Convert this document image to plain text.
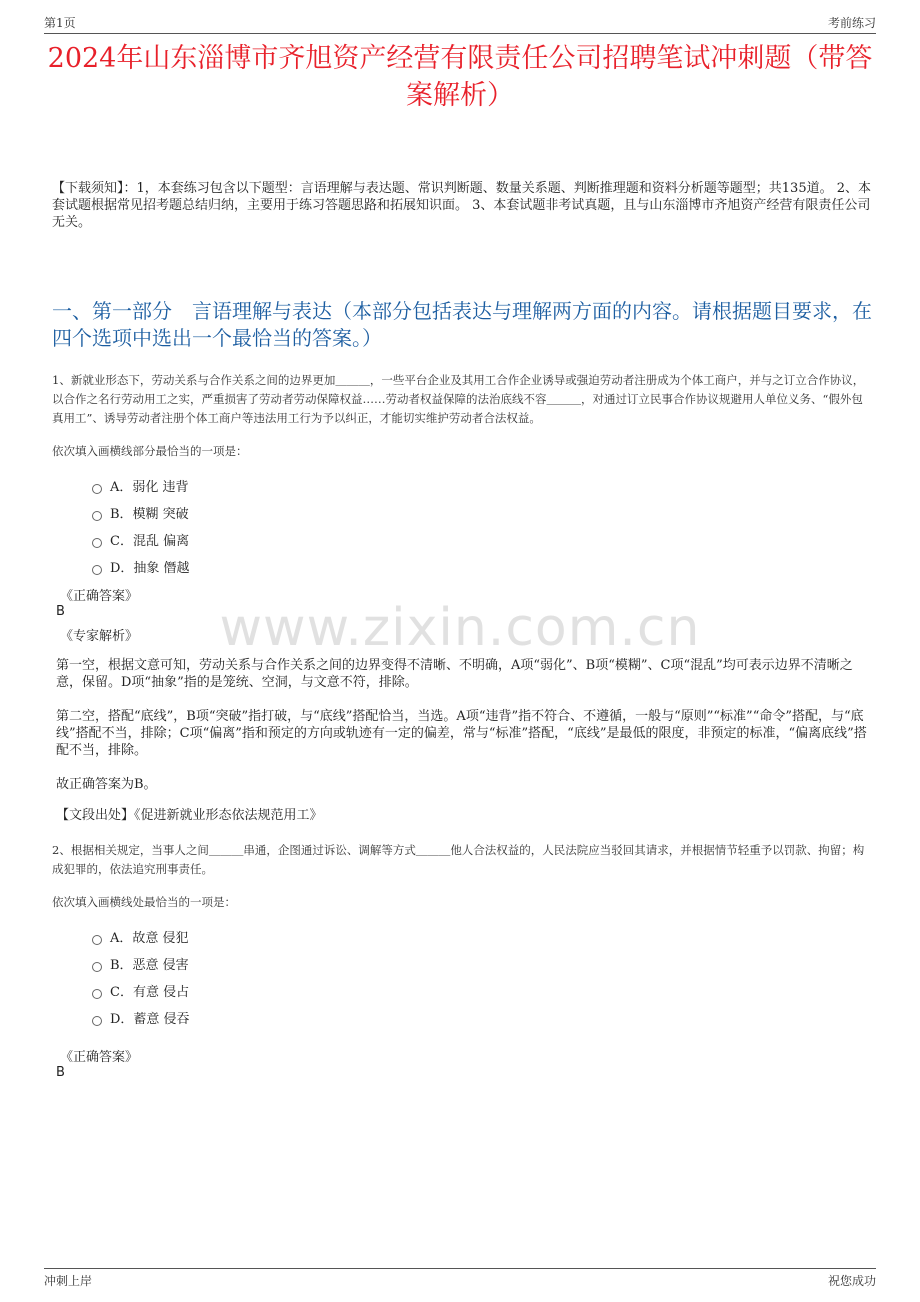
第1页	考前练习
2024年山东淄博市齐旭资产经营有限责任公司招聘笔试冲刺题（带答案解析）
【下载须知】：1，本套练习包含以下题型：言语理解与表达题、常识判断题、数量关系题、判断推理题和资料分析题等题型；共135道。 2、本套试题根据常见招考题总结归纳，主要用于练习答题思路和拓展知识面。 3、本套试题非考试真题，且与山东淄博市齐旭资产经营有限责任公司无关。
一、第一部分　言语理解与表达（本部分包括表达与理解两方面的内容。请根据题目要求，在四个选项中选出一个最恰当的答案。）
1、新就业形态下，劳动关系与合作关系之间的边界更加＿＿＿，一些平台企业及其用工合作企业诱导或强迫劳动者注册成为个体工商户，并与之订立合作协议，以合作之名行劳动用工之实，严重损害了劳动者劳动保障权益……劳动者权益保障的法治底线不容＿＿＿，对通过订立民事合作协议规避用人单位义务、“假外包真用工”、诱导劳动者注册个体工商户等违法用工行为予以纠正，才能切实维护劳动者合法权益。
依次填入画横线部分最恰当的一项是：
A．弱化 违背
B．模糊 突破
C．混乱 偏离
D．抽象 僭越
《正确答案》
B
《专家解析》	www.zixin.com.cn
第一空，根据文意可知，劳动关系与合作关系之间的边界变得不清晰、不明确，A项“弱化”、B项“模糊”、C项“混乱”均可表示边界不清晰之意，保留。D项“抽象”指的是笼统、空洞，与文意不符，排除。
第二空，搭配“底线”，B项“突破”指打破，与“底线”搭配恰当，当选。A项“违背”指不符合、不遵循，一般与“原则”“标准”“命令”搭配，与“底线”搭配不当，排除；C项“偏离”指和预定的方向或轨迹有一定的偏差，常与“标准”搭配，“底线”是最低的限度，非预定的标准，“偏离底线”搭配不当，排除。
故正确答案为B。
【文段出处】《促进新就业形态依法规范用工》
2、根据相关规定，当事人之间＿＿＿串通，企图通过诉讼、调解等方式＿＿＿他人合法权益的，人民法院应当驳回其请求，并根据情节轻重予以罚款、拘留；构成犯罪的，依法追究刑事责任。
依次填入画横线处最恰当的一项是：
A．故意 侵犯
B．恶意 侵害
C．有意 侵占
D．蓄意 侵吞
《正确答案》
B
冲刺上岸	祝您成功
